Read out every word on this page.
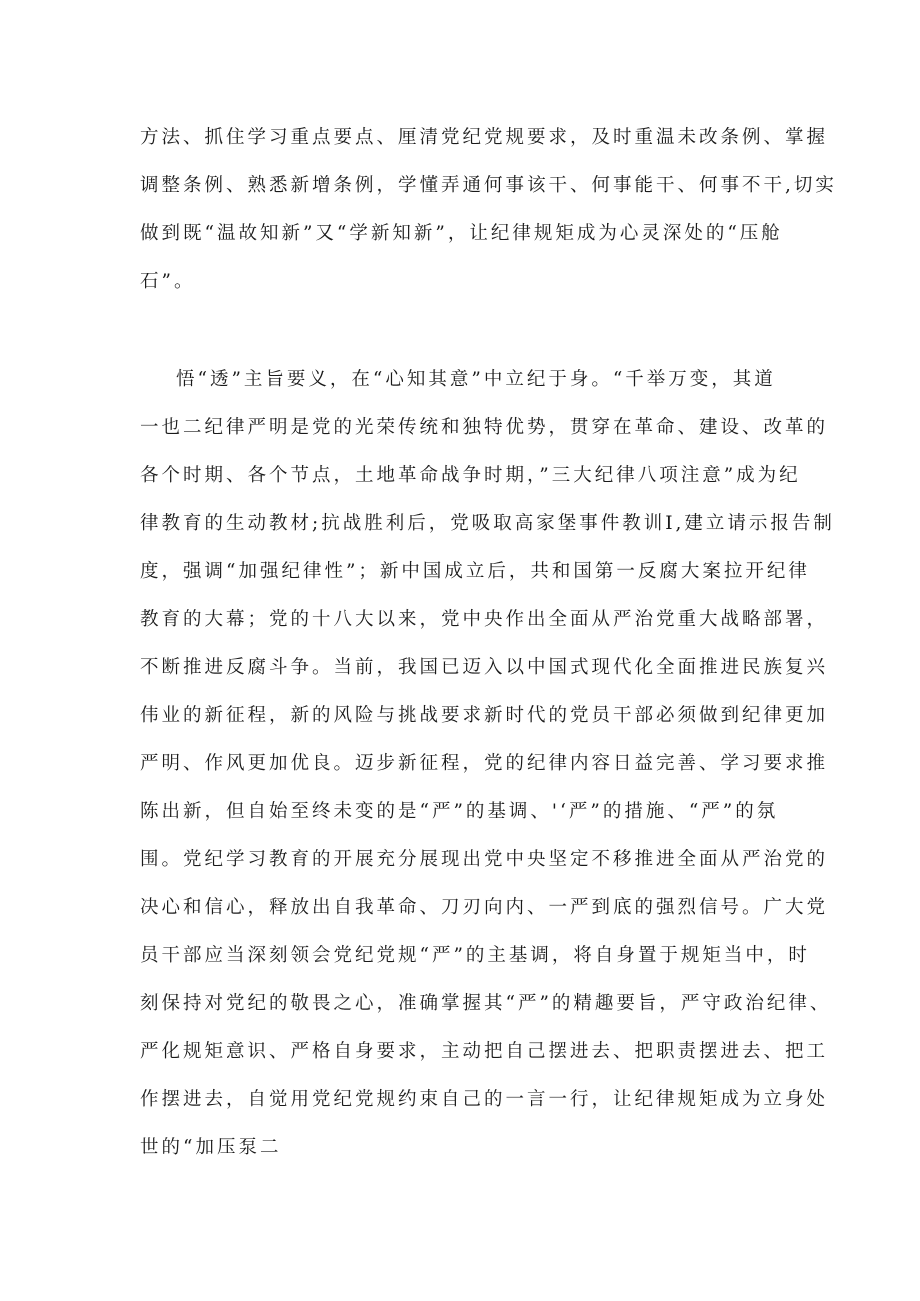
方法、抓住学习重点要点、厘清党纪党规要求，及时重温未改条例、掌握
调整条例、熟悉新增条例，学懂弄通何事该干、何事能干、何事不干,切实
做到既“温故知新”又“学新知新”，让纪律规矩成为心灵深处的“压舱
石”。
悟“透”主旨要义，在“心知其意”中立纪于身。“千举万变，其道
一也二纪律严明是党的光荣传统和独特优势，贯穿在革命、建设、改革的
各个时期、各个节点，土地革命战争时期，”三大纪律八项注意”成为纪
律教育的生动教材;抗战胜利后，党吸取高家堡事件教训I,建立请示报告制
度，强调“加强纪律性”；新中国成立后，共和国第一反腐大案拉开纪律
教育的大幕；党的十八大以来，党中央作出全面从严治党重大战略部署，
不断推进反腐斗争。当前，我国已迈入以中国式现代化全面推进民族复兴
伟业的新征程，新的风险与挑战要求新时代的党员干部必须做到纪律更加
严明、作风更加优良。迈步新征程，党的纪律内容日益完善、学习要求推
陈出新，但自始至终未变的是“严”的基调、'‘严”的措施、“严”的氛
围。党纪学习教育的开展充分展现出党中央坚定不移推进全面从严治党的
决心和信心，释放出自我革命、刀刃向内、一严到底的强烈信号。广大党
员干部应当深刻领会党纪党规“严”的主基调，将自身置于规矩当中，时
刻保持对党纪的敬畏之心，准确掌握其“严”的精趣要旨，严守政治纪律、
严化规矩意识、严格自身要求，主动把自己摆进去、把职责摆进去、把工
作摆进去，自觉用党纪党规约束自己的一言一行，让纪律规矩成为立身处
世的“加压泵二
